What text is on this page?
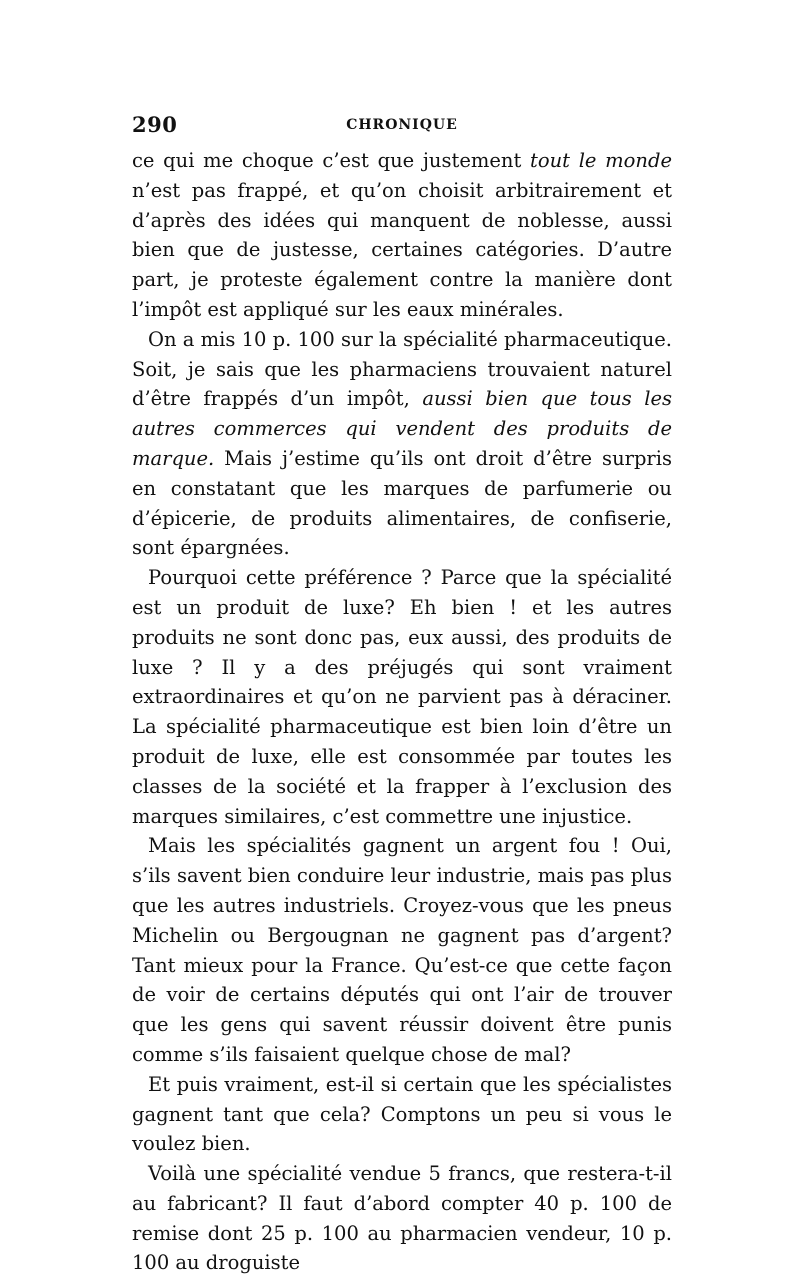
290	CHRONIQUE

ce qui me choque c’est que justement tout le monde n’est pas frappé, et qu’on choisit arbitrairement et d’après des idées qui manquent de noblesse, aussi bien que de justesse, certaines catégories. D’autre part, je proteste également contre la manière dont l’impôt est appliqué sur les eaux minérales.

On a mis 10 p. 100 sur la spécialité pharmaceutique. Soit, je sais que les pharmaciens trouvaient naturel d’être frappés d’un impôt, aussi bien que tous les autres commerces qui vendent des produits de marque. Mais j’estime qu’ils ont droit d’être surpris en constatant que les marques de parfumerie ou d’épicerie, de produits alimentaires, de confiserie, sont épargnées.

Pourquoi cette préférence ? Parce que la spécialité est un produit de luxe? Eh bien ! et les autres produits ne sont donc pas, eux aussi, des produits de luxe ? Il y a des préjugés qui sont vraiment extraordinaires et qu’on ne parvient pas à déraciner. La spécialité pharmaceutique est bien loin d’être un produit de luxe, elle est consommée par toutes les classes de la société et la frapper à l’exclusion des marques similaires, c’est commettre une injustice.

Mais les spécialités gagnent un argent fou ! Oui, s’ils savent bien conduire leur industrie, mais pas plus que les autres industriels. Croyez-vous que les pneus Michelin ou Bergougnan ne gagnent pas d’argent? Tant mieux pour la France. Qu’est-ce que cette façon de voir de certains députés qui ont l’air de trouver que les gens qui savent réussir doivent être punis comme s’ils faisaient quelque chose de mal?

Et puis vraiment, est-il si certain que les spécialistes gagnent tant que cela? Comptons un peu si vous le voulez bien.

Voilà une spécialité vendue 5 francs, que restera-t-il au fabricant? Il faut d’abord compter 40 p. 100 de remise dont 25 p. 100 au pharmacien vendeur, 10 p. 100 au droguiste
